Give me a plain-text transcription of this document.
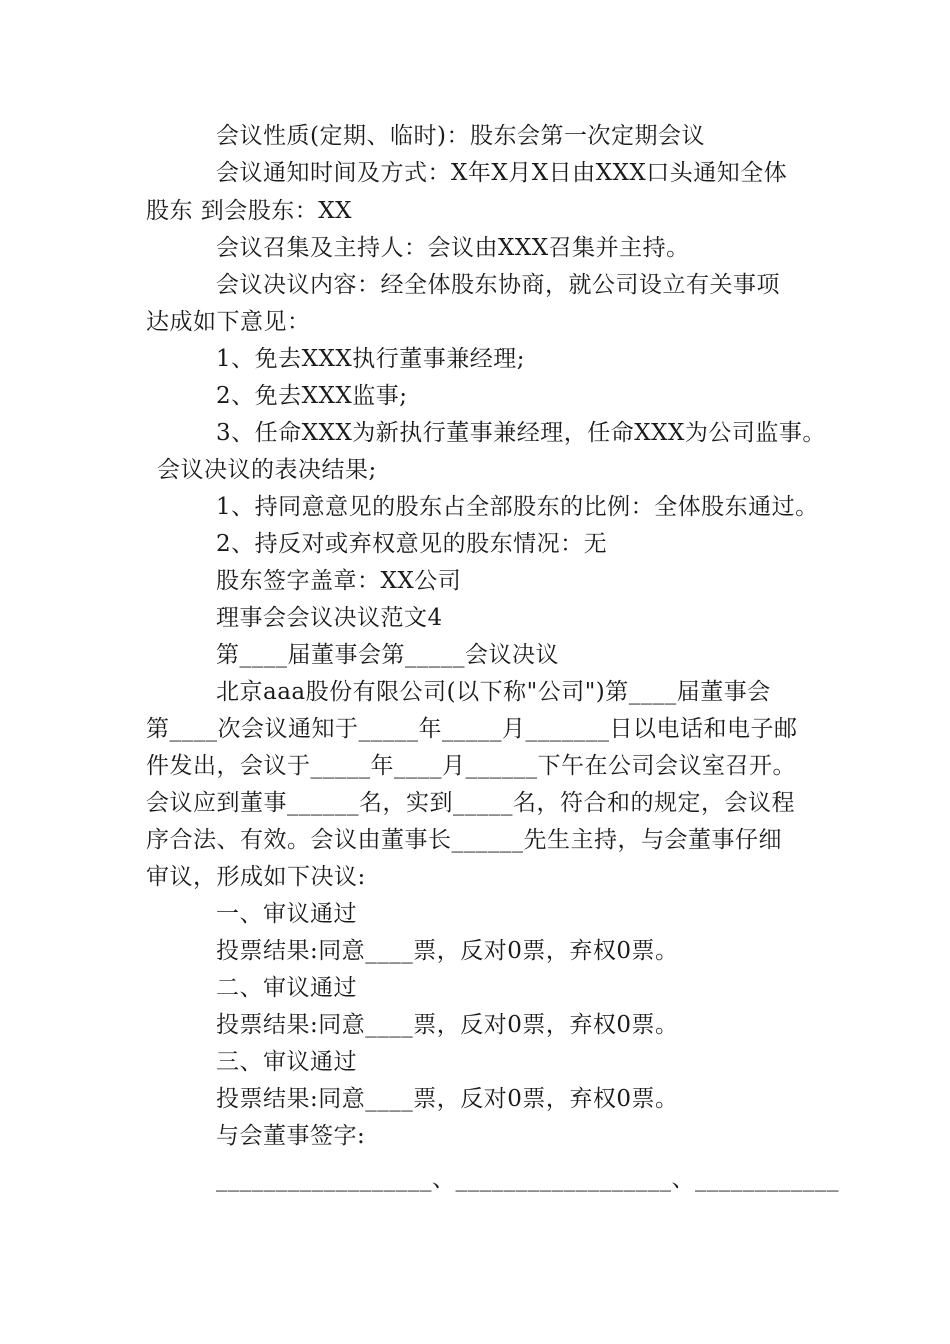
会议性质(定期、临时)：股东会第一次定期会议
会议通知时间及方式：X年X月X日由XXX口头通知全体
股东 到会股东：XX
会议召集及主持人：会议由XXX召集并主持。
会议决议内容：经全体股东协商，就公司设立有关事项
达成如下意见：
1、免去XXX执行董事兼经理;
2、免去XXX监事;
3、任命XXX为新执行董事兼经理，任命XXX为公司监事。
会议决议的表决结果;
1、持同意意见的股东占全部股东的比例：全体股东通过。
2、持反对或弃权意见的股东情况：无
股东签字盖章：XX公司
理事会会议决议范文4
第____届董事会第_____会议决议
北京aaa股份有限公司(以下称"公司")第____届董事会
第____次会议通知于_____年_____月_______日以电话和电子邮
件发出，会议于_____年____月______下午在公司会议室召开。
会议应到董事______名，实到_____名，符合和的规定，会议程
序合法、有效。会议由董事长______先生主持，与会董事仔细
审议，形成如下决议:
一、审议通过
投票结果:同意____票，反对0票，弃权0票。
二、审议通过
投票结果:同意____票，反对0票，弃权0票。
三、审议通过
投票结果:同意____票，反对0票，弃权0票。
与会董事签字:
__________________、__________________、____________
